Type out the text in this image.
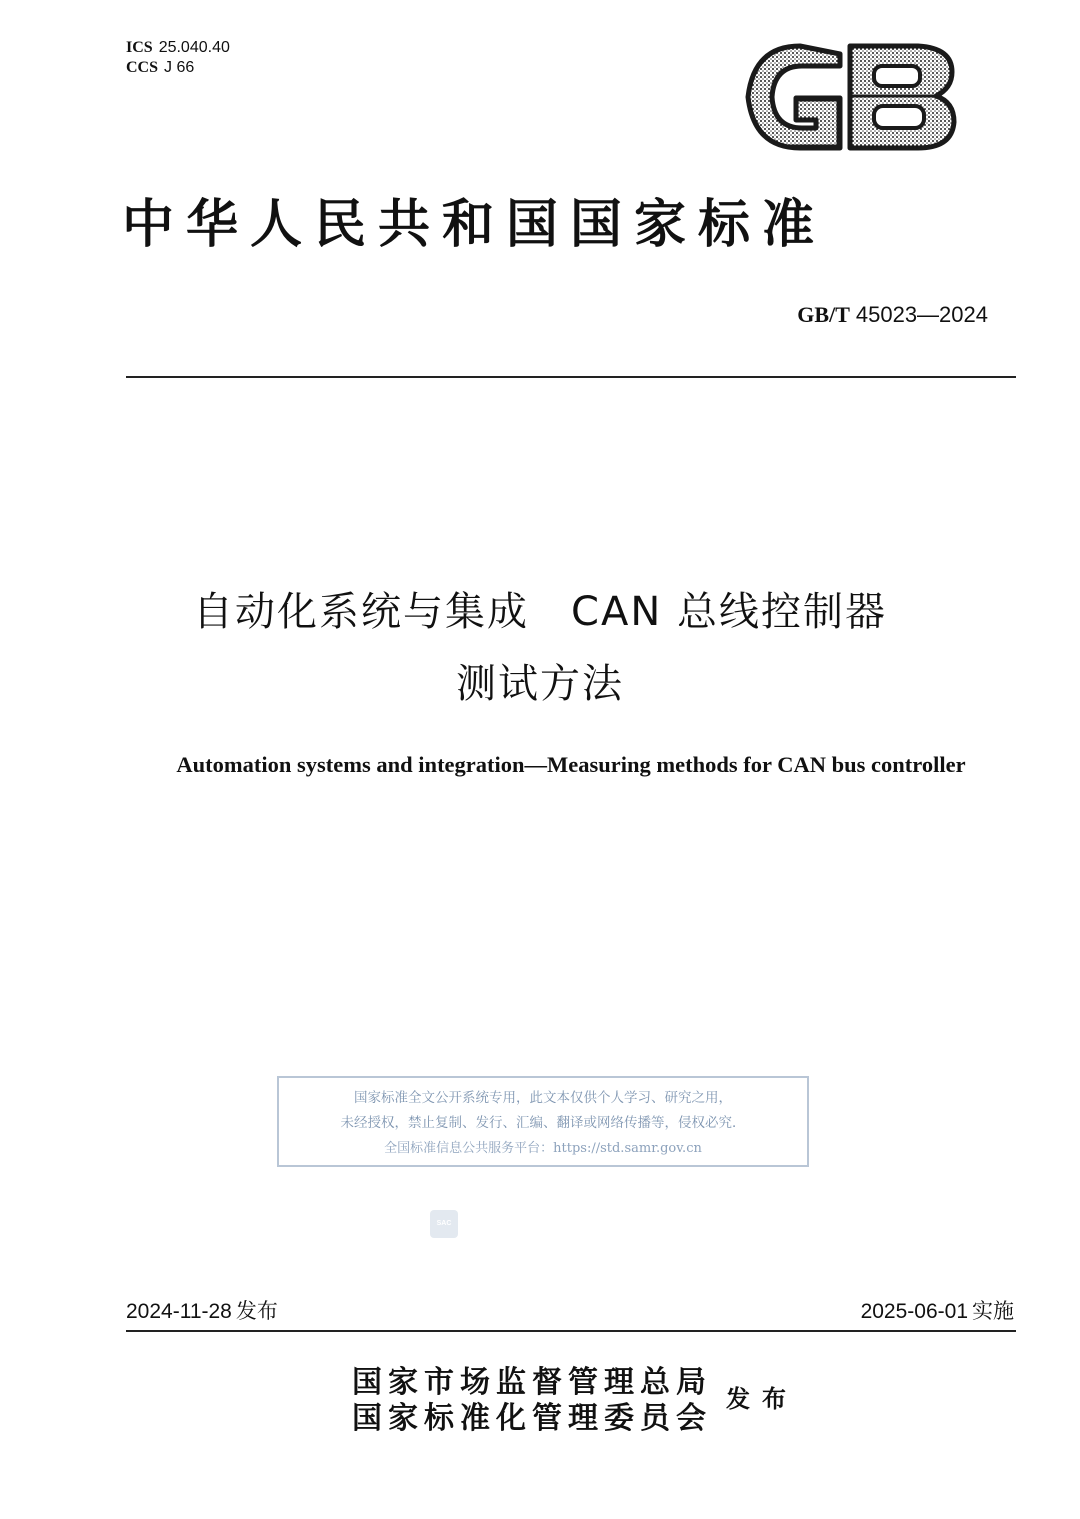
ICS 25.040.40
CCS J 66
中华人民共和国国家标准
GB/T 45023—2024
自动化系统与集成　CAN 总线控制器
测试方法
Automation systems and integration—Measuring methods for CAN bus controller
国家标准全文公开系统专用，此文本仅供个人学习、研究之用，
未经授权，禁止复制、发行、汇编、翻译或网络传播等，侵权必究．
全国标准信息公共服务平台：https://std.samr.gov.cn
SAC
2024-11-28 发布	2025-06-01 实施
国家市场监督管理总局
国家标准化管理委员会
发布
